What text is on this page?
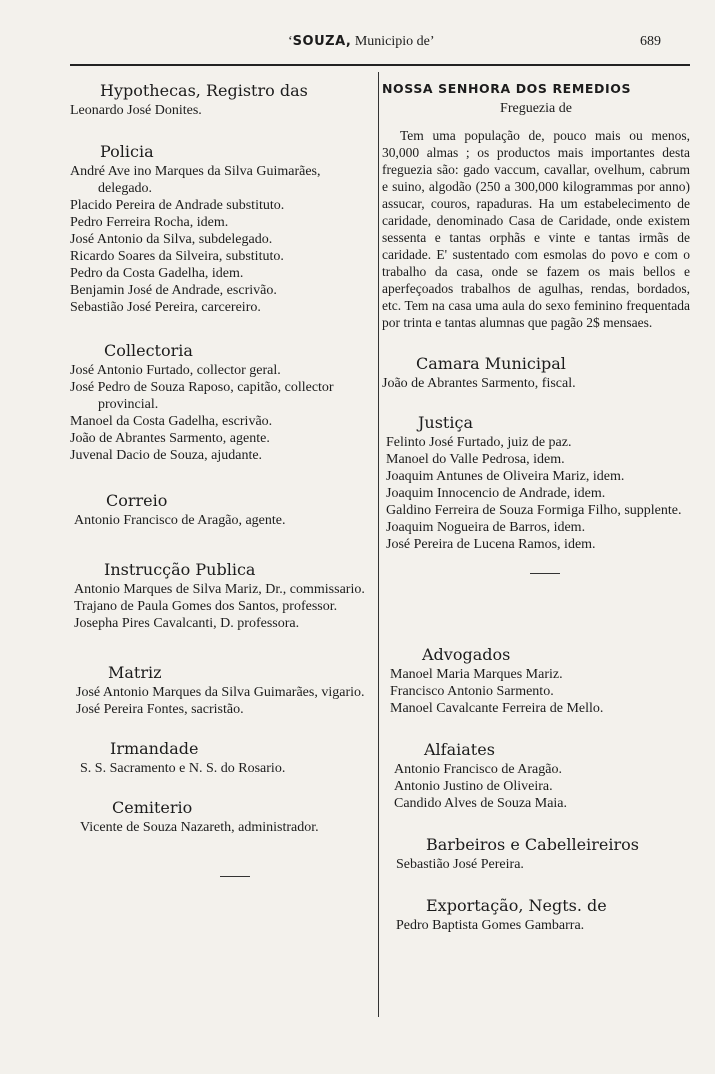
‘SOUZA, Municipio de’	689

Hypothecas, Registro das

Leonardo José Donites.

Policia

André Ave ino Marques da Silva Guimarães, delegado.

Placido Pereira de Andrade substituto.

Pedro Ferreira Rocha, idem.

José Antonio da Silva, subdelegado.

Ricardo Soares da Silveira, substituto.

Pedro da Costa Gadelha, idem.

Benjamin José de Andrade, escrivão.

Sebastião José Pereira, carcereiro.

Collectoria

José Antonio Furtado, collector geral.

José Pedro de Souza Raposo, capitão, collector provincial.

Manoel da Costa Gadelha, escrivão.

João de Abrantes Sarmento, agente.

Juvenal Dacio de Souza, ajudante.

Correio

Antonio Francisco de Aragão, agente.

Instrucção Publica

Antonio Marques de Silva Mariz, Dr., commissario.

Trajano de Paula Gomes dos Santos, professor.

Josepha Pires Cavalcanti, D. professora.

Matriz

José Antonio Marques da Silva Guimarães, vigario.

José Pereira Fontes, sacristão.

Irmandade

S. S. Sacramento e N. S. do Rosario.

Cemiterio

Vicente de Souza Nazareth, administrador.

NOSSA SENHORA DOS REMEDIOS

Freguezia de

Tem uma população de, pouco mais ou menos, 30,000 almas ; os productos mais importantes desta freguezia são: gado vaccum, cavallar, ovelhum, cabrum e suino, algodão (250 a 300,000 kilogrammas por anno) assucar, couros, rapaduras. Ha um estabelecimento de caridade, denominado Casa de Caridade, onde existem sessenta e tantas orphãs e vinte e tantas irmãs de caridade. E' sustentado com esmolas do povo e com o trabalho da casa, onde se fazem os mais bellos e aperfeçoados trabalhos de agulhas, rendas, bordados, etc. Tem na casa uma aula do sexo feminino frequentada por trinta e tantas alumnas que pagão 2$ mensaes.

Camara Municipal

João de Abrantes Sarmento, fiscal.

Justiça

Felinto José Furtado, juiz de paz.

Manoel do Valle Pedrosa, idem.

Joaquim Antunes de Oliveira Mariz, idem.

Joaquim Innocencio de Andrade, idem.

Galdino Ferreira de Souza Formiga Filho, supplente.

Joaquim Nogueira de Barros, idem.

José Pereira de Lucena Ramos, idem.

Advogados

Manoel Maria Marques Mariz.

Francisco Antonio Sarmento.

Manoel Cavalcante Ferreira de Mello.

Alfaiates

Antonio Francisco de Aragão.

Antonio Justino de Oliveira.

Candido Alves de Souza Maia.

Barbeiros e Cabelleireiros

Sebastião José Pereira.

Exportação, Negts. de

Pedro Baptista Gomes Gambarra.
